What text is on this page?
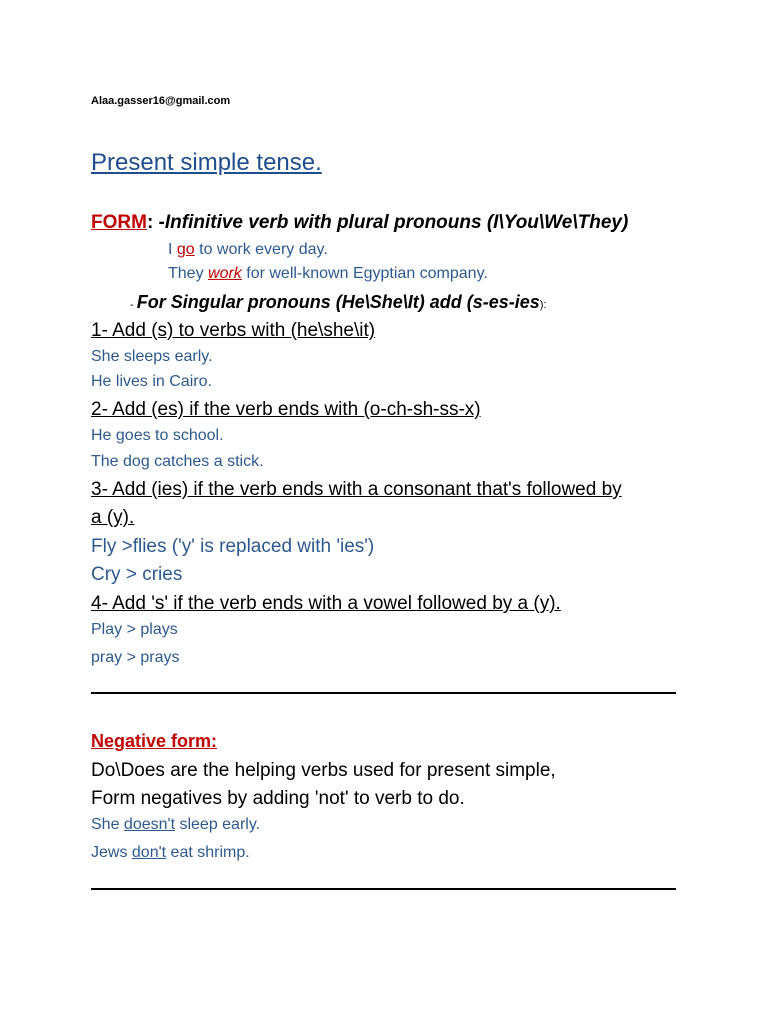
Alaa.gasser16@gmail.com
Present simple tense.
FORM: -Infinitive verb with plural pronouns (I\You\We\They)
I go to work every day.
They work for well-known Egyptian company.
- For Singular pronouns (He\She\It) add (s-es-ies):
1- Add (s) to verbs with (he\she\it)
She sleeps early.
He lives in Cairo.
2- Add (es) if the verb ends with (o-ch-sh-ss-x)
He goes to school.
The dog catches a stick.
3- Add (ies) if the verb ends with a consonant that's followed by
a (y).
Fly >flies ('y' is replaced with 'ies')
Cry > cries
4- Add 's' if the verb ends with a vowel followed by a (y).
Play > plays
pray > prays
Negative form:
Do\Does are the helping verbs used for present simple,
Form negatives by adding 'not' to verb to do.
She doesn't sleep early.
Jews don't eat shrimp.
